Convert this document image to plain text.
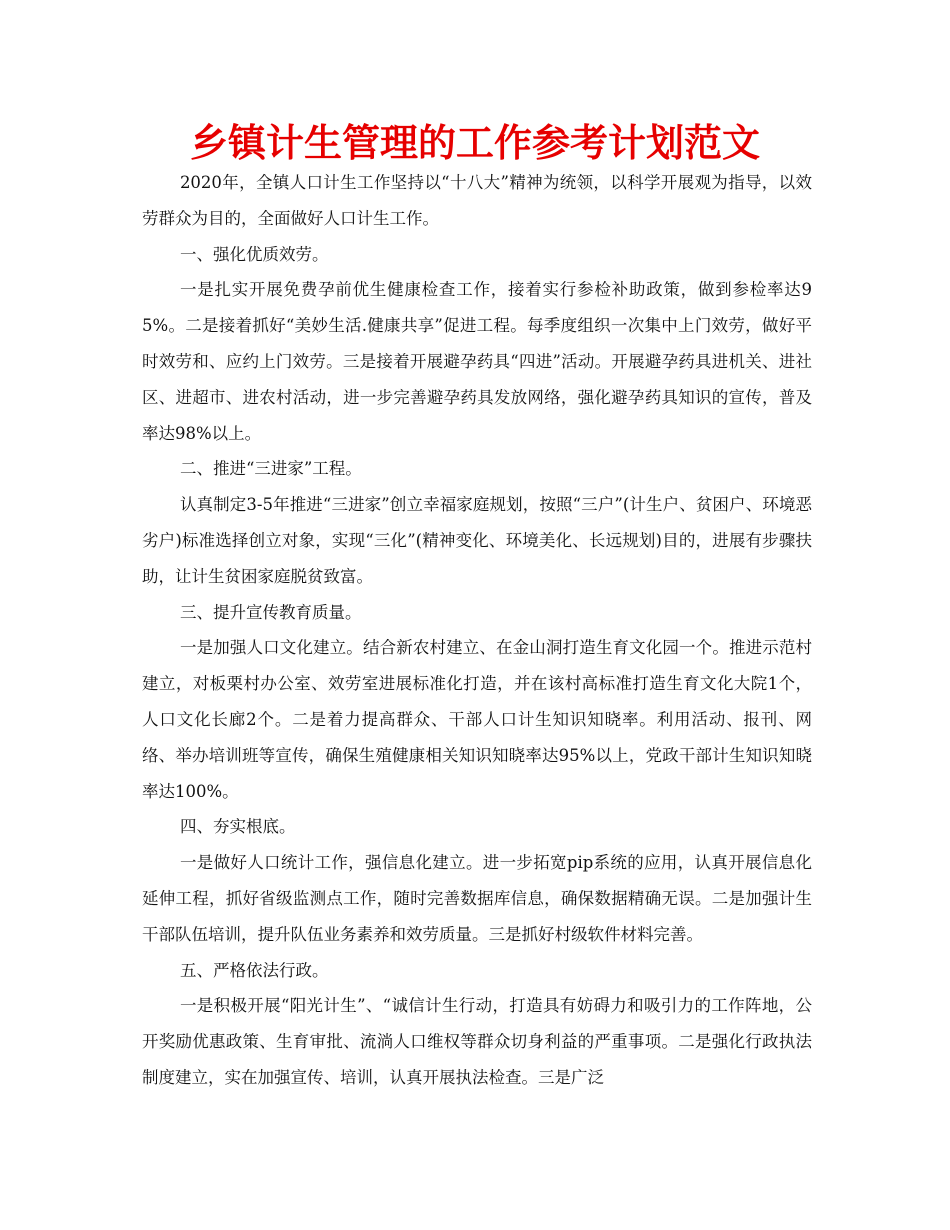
乡镇计生管理的工作参考计划范文

2020年，全镇人口计生工作坚持以“十八大”精神为统领，以科学开展观为指导，以效劳群众为目的，全面做好人口计生工作。

一、强化优质效劳。

一是扎实开展免费孕前优生健康检查工作，接着实行参检补助政策，做到参检率达95%。二是接着抓好“美妙生活.健康共享”促进工程。每季度组织一次集中上门效劳，做好平时效劳和、应约上门效劳。三是接着开展避孕药具“四进”活动。开展避孕药具进机关、进社区、进超市、进农村活动，进一步完善避孕药具发放网络，强化避孕药具知识的宣传，普及率达98%以上。

二、推进“三进家”工程。

认真制定3-5年推进“三进家”创立幸福家庭规划，按照“三户”(计生户、贫困户、环境恶劣户)标准选择创立对象，实现“三化”(精神变化、环境美化、长远规划)目的，进展有步骤扶助，让计生贫困家庭脱贫致富。

三、提升宣传教育质量。

一是加强人口文化建立。结合新农村建立、在金山洞打造生育文化园一个。推进示范村建立，对板栗村办公室、效劳室进展标准化打造，并在该村高标准打造生育文化大院1个，人口文化长廊2个。二是着力提高群众、干部人口计生知识知晓率。利用活动、报刊、网络、举办培训班等宣传，确保生殖健康相关知识知晓率达95%以上，党政干部计生知识知晓率达100%。

四、夯实根底。

一是做好人口统计工作，强信息化建立。进一步拓宽pip系统的应用，认真开展信息化延伸工程，抓好省级监测点工作，随时完善数据库信息，确保数据精确无误。二是加强计生干部队伍培训，提升队伍业务素养和效劳质量。三是抓好村级软件材料完善。

五、严格依法行政。

一是积极开展“阳光计生”、“诚信计生行动，打造具有妨碍力和吸引力的工作阵地，公开奖励优惠政策、生育审批、流淌人口维权等群众切身利益的严重事项。二是强化行政执法制度建立，实在加强宣传、培训，认真开展执法检查。三是广泛
